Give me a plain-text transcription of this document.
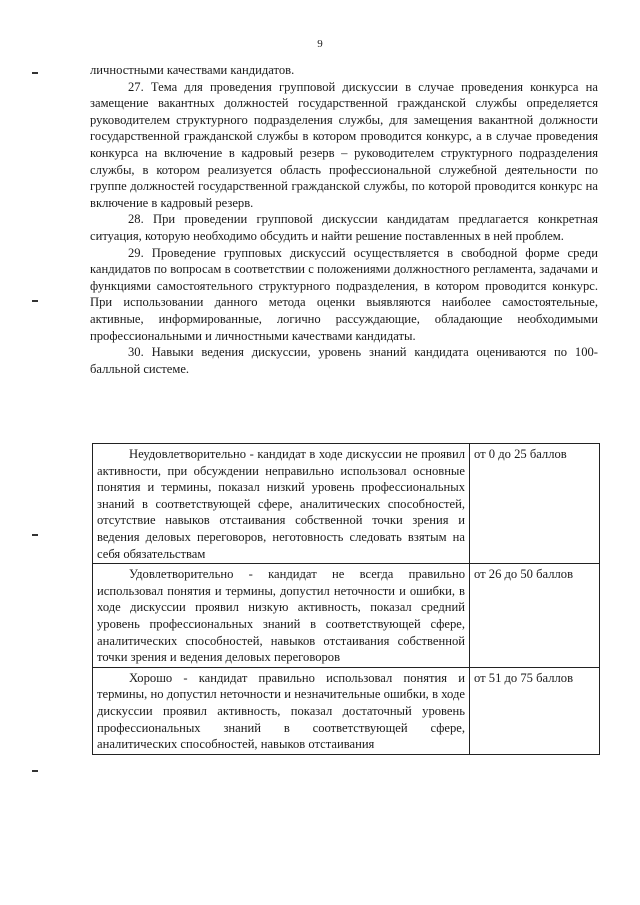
9

личностными качествами кандидатов.

27. Тема для проведения групповой дискуссии в случае проведения конкурса на замещение вакантных должностей государственной гражданской службы определяется руководителем структурного подразделения службы, для замещения вакантной должности государственной гражданской службы в котором проводится конкурс, а в случае проведения конкурса на включение в кадровый резерв – руководителем структурного подразделения службы, в котором реализуется область профессиональной служебной деятельности по группе должностей государственной гражданской службы, по которой проводится конкурс на включение в кадровый резерв.

28. При проведении групповой дискуссии кандидатам предлагается конкретная ситуация, которую необходимо обсудить и найти решение поставленных в ней проблем.

29. Проведение групповых дискуссий осуществляется в свободной форме среди кандидатов по вопросам в соответствии с положениями должностного регламента, задачами и функциями самостоятельного структурного подразделения, в котором проводится конкурс. При использовании данного метода оценки выявляются наиболее самостоятельные, активные, информированные, логично рассуждающие, обладающие необходимыми профессиональными и личностными качествами кандидаты.

30. Навыки ведения дискуссии, уровень знаний кандидата оцениваются по 100-балльной системе.

Неудовлетворительно - кандидат в ходе дискуссии не проявил активности, при обсуждении неправильно использовал основные понятия и термины, показал низкий уровень профессиональных знаний в соответствующей сфере, аналитических способностей, отсутствие навыков отстаивания собственной точки зрения и ведения деловых переговоров, неготовность следовать взятым на себя обязательствам	от 0 до 25 баллов

Удовлетворительно - кандидат не всегда правильно использовал понятия и термины, допустил неточности и ошибки, в ходе дискуссии проявил низкую активность, показал средний уровень профессиональных знаний в соответствующей сфере, аналитических способностей, навыков отстаивания собственной точки зрения и ведения деловых переговоров	от 26 до 50 баллов

Хорошо - кандидат правильно использовал понятия и термины, но допустил неточности и незначительные ошибки, в ходе дискуссии проявил активность, показал достаточный уровень профессиональных знаний в соответствующей сфере, аналитических способностей, навыков отстаивания	от 51 до 75 баллов
